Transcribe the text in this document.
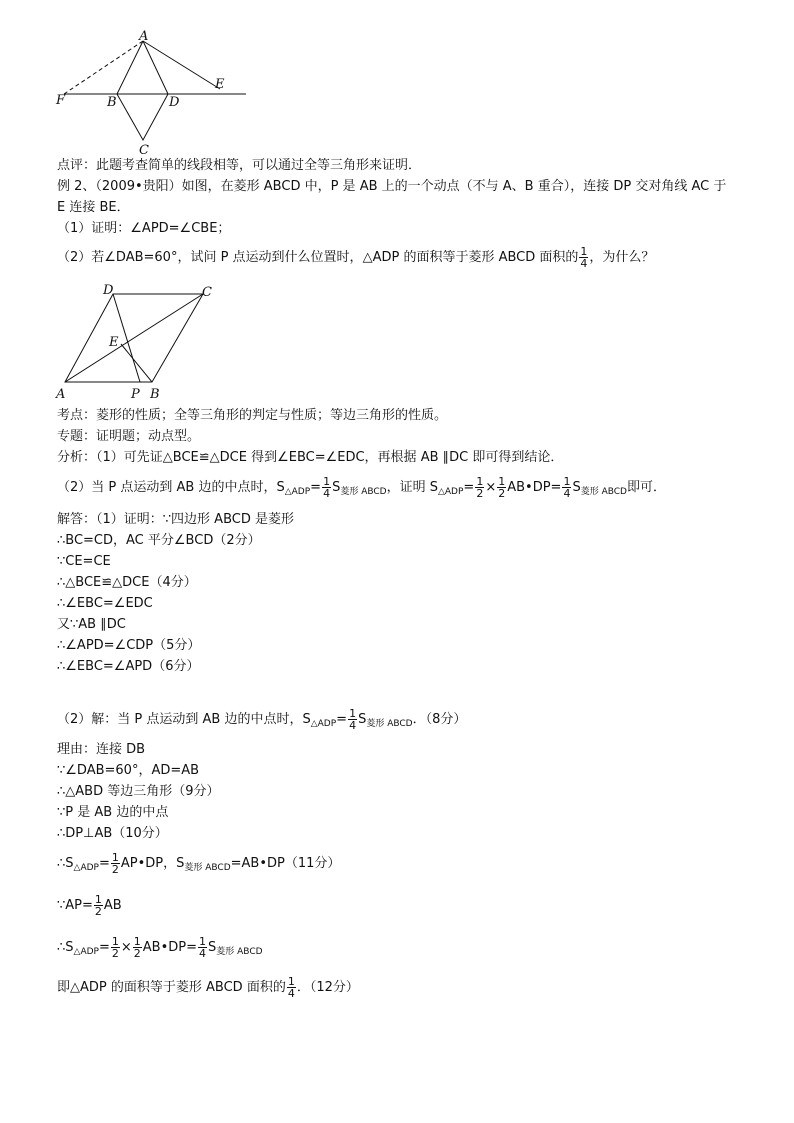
A
B
C
D
E
F
点评：此题考查简单的线段相等，可以通过全等三角形来证明．
例 2、（2009•贵阳）如图，在菱形 ABCD 中，P 是 AB 上的一个动点（不与 A、B 重合），连接 DP 交对角线 AC 于
E 连接 BE．
（1）证明：∠APD=∠CBE；
（2）若∠DAB=60°，试问 P 点运动到什么位置时，△ADP 的面积等于菱形 ABCD 面积的 $\frac{1}{4}$ ，为什么？
D	C
E
A	P B
考点：菱形的性质；全等三角形的判定与性质；等边三角形的性质。
专题：证明题；动点型。
分析：（1）可先证△BCE≌△DCE 得到∠EBC=∠EDC，再根据 AB ∥DC 即可得到结论．
（2）当 P 点运动到 AB 边的中点时，$S_{\triangle ADP}= \frac{1}{4} S_{菱形 ABCD}$，证明 $S_{\triangle ADP}= \frac{1}{2} \times \frac{1}{2}$ AB•DP= $\frac{1}{4} S_{菱形 ABCD}$即可．
解答：（1）证明：∵四边形 ABCD 是菱形
∴BC=CD，AC 平分∠BCD（2分）
∵CE=CE
∴△BCE≌△DCE（4分）
∴∠EBC=∠EDC
又∵AB ∥DC
∴∠APD=∠CDP（5分）
∴∠EBC=∠APD（6分）
（2）解：当 P 点运动到 AB 边的中点时，$S_{\triangle ADP}= \frac{1}{4} S_{菱形 ABCD}$．（8分）
理由：连接 DB
∵∠DAB=60°，AD=AB
∴△ABD 等边三角形（9分）
∵P 是 AB 边的中点
∴DP⊥AB（10分）
$\therefore S_{\triangle ADP}= \frac{1}{2}$ AP•DP，$S_{菱形 ABCD}=AB•DP(11$分）
∵AP= $\frac{1}{2}$ AB
$\therefore S_{\triangle ADP}= \frac{1}{2} \times \frac{1}{2}$ AB•DP= $\frac{1}{4} S_{菱形 ABCD}$
即△ADP 的面积等于菱形 ABCD 面积的 $\frac{1}{4}$ ．（12分）
